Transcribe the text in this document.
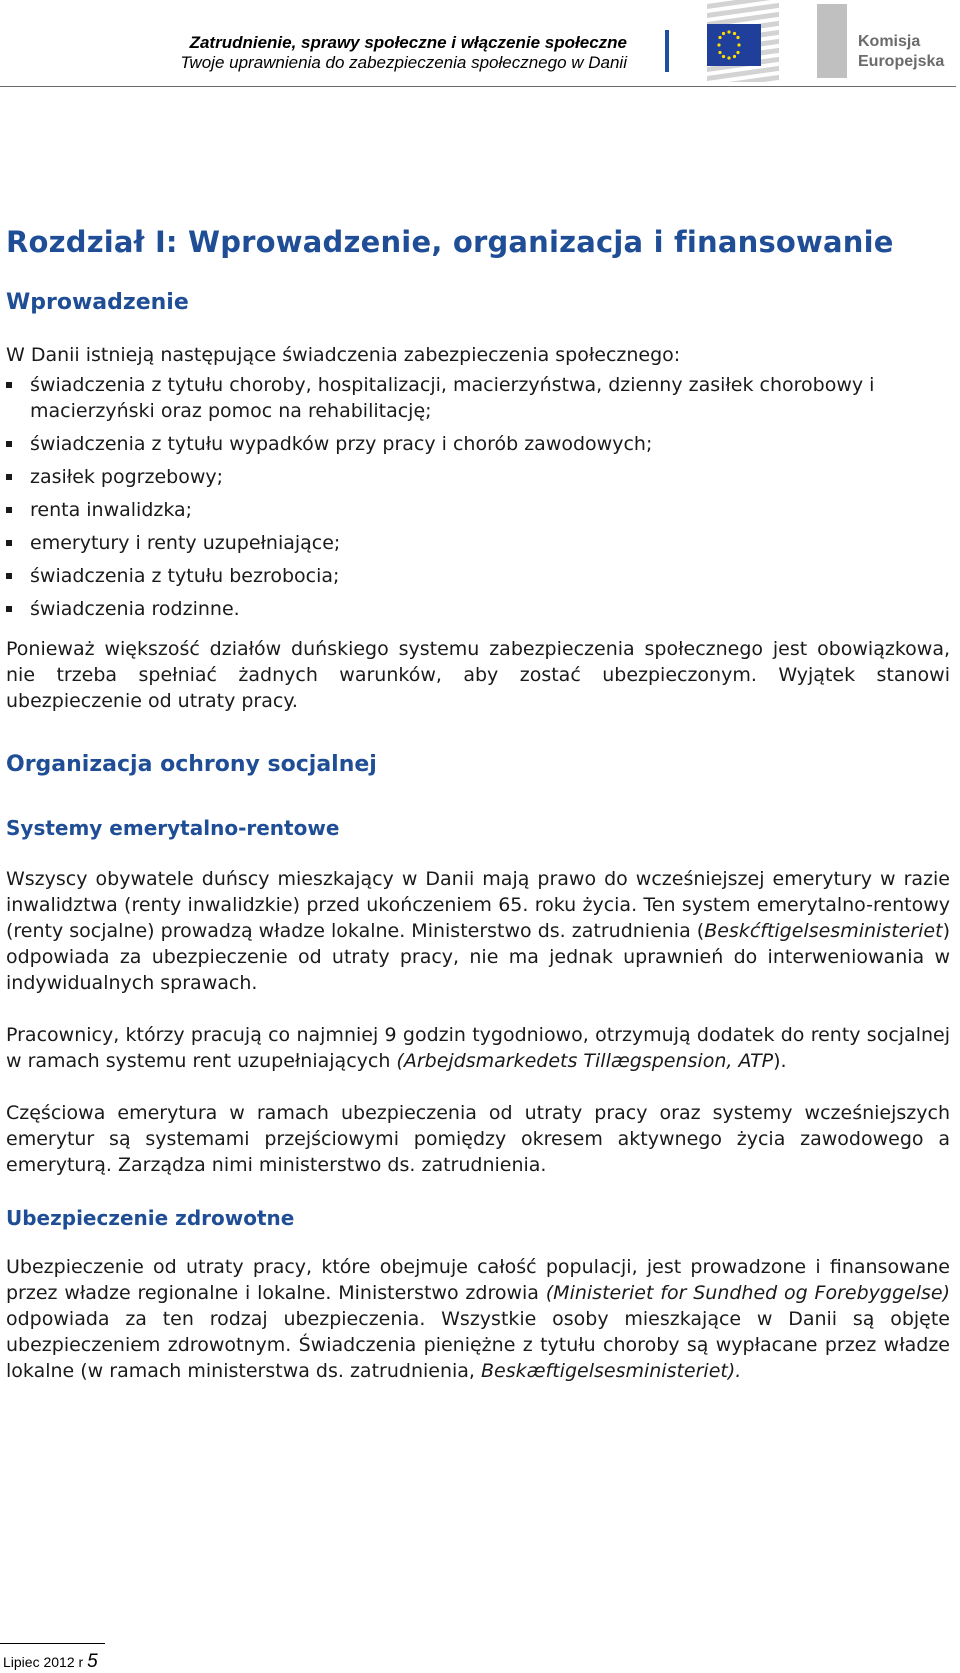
Zatrudnienie, sprawy społeczne i włączenie społeczne
Twoje uprawnienia do zabezpieczenia społecznego w Danii
Komisja
Europejska
Rozdział I: Wprowadzenie, organizacja i finansowanie
Wprowadzenie

W Danii istnieją następujące świadczenia zabezpieczenia społecznego:

świadczenia z tytułu choroby, hospitalizacji, macierzyństwa, dzienny zasiłek chorobowy i macierzyński oraz pomoc na rehabilitację;
świadczenia z tytułu wypadków przy pracy i chorób zawodowych;
zasiłek pogrzebowy;
renta inwalidzka;
emerytury i renty uzupełniające;
świadczenia z tytułu bezrobocia;
świadczenia rodzinne.

Ponieważ większość działów duńskiego systemu zabezpieczenia społecznego jest obowiązkowa, nie trzeba spełniać żadnych warunków, aby zostać ubezpieczonym. Wyjątek stanowi ubezpieczenie od utraty pracy.

Organizacja ochrony socjalnej
Systemy emerytalno-rentowe

Wszyscy obywatele duńscy mieszkający w Danii mają prawo do wcześniejszej emerytury w razie inwalidztwa (renty inwalidzkie) przed ukończeniem 65. roku życia. Ten system emerytalno-rentowy (renty socjalne) prowadzą władze lokalne. Ministerstwo ds. zatrudnienia (Beskćftigelsesministeriet) odpowiada za ubezpieczenie od utraty pracy, nie ma jednak uprawnień do interweniowania w indywidualnych sprawach.

Pracownicy, którzy pracują co najmniej 9 godzin tygodniowo, otrzymują dodatek do renty socjalnej w ramach systemu rent uzupełniających (Arbejdsmarkedets Tillægspension, ATP).

Częściowa emerytura w ramach ubezpieczenia od utraty pracy oraz systemy wcześniejszych emerytur są systemami przejściowymi pomiędzy okresem aktywnego życia zawodowego a emeryturą. Zarządza nimi ministerstwo ds. zatrudnienia.

Ubezpieczenie zdrowotne

Ubezpieczenie od utraty pracy, które obejmuje całość populacji, jest prowadzone i finansowane przez władze regionalne i lokalne. Ministerstwo zdrowia (Ministeriet for Sundhed og Forebyggelse) odpowiada za ten rodzaj ubezpieczenia. Wszystkie osoby mieszkające w Danii są objęte ubezpieczeniem zdrowotnym. Świadczenia pieniężne z tytułu choroby są wypłacane przez władze lokalne (w ramach ministerstwa ds. zatrudnienia, Beskæftigelsesministeriet).

Lipiec 2012 r 5
